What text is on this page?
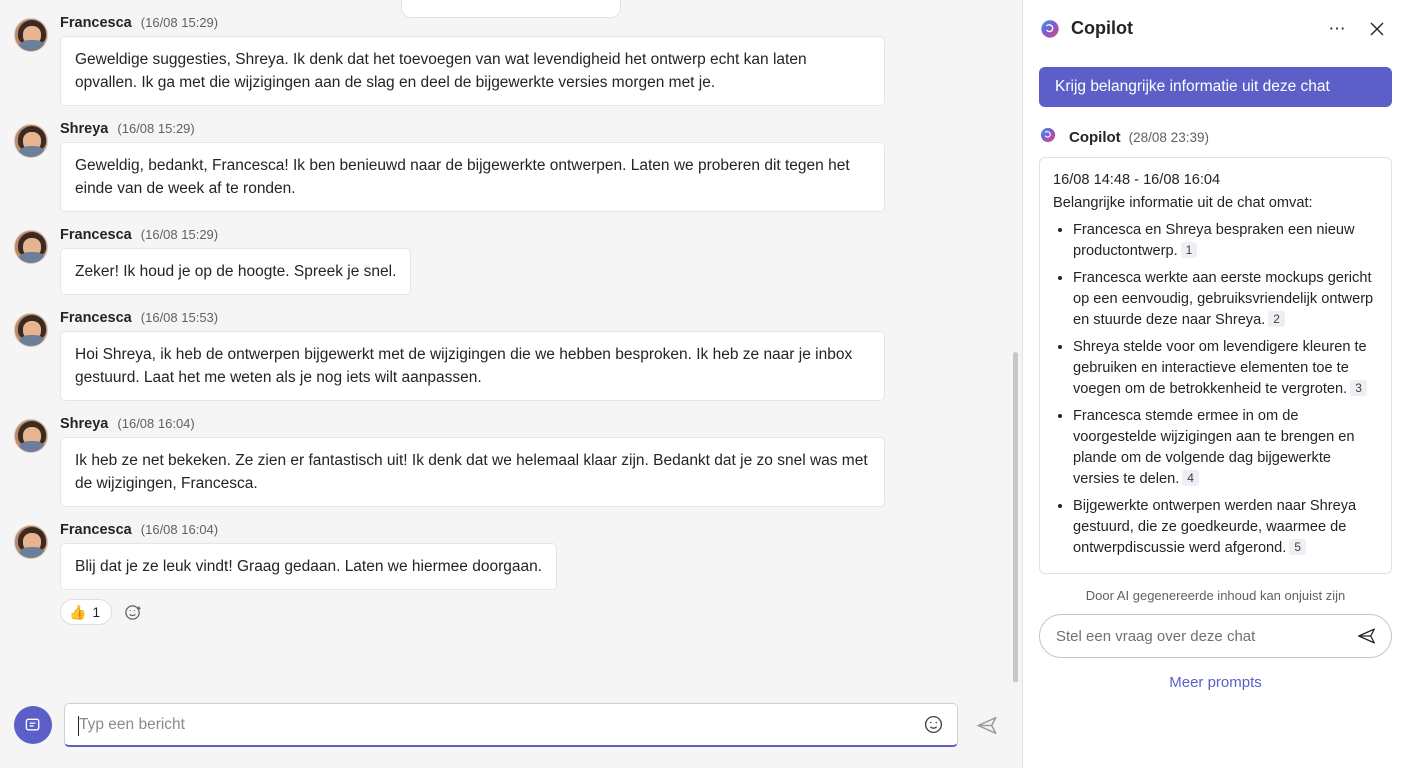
Francesca (16/08 15:29)
Geweldige suggesties, Shreya. Ik denk dat het toevoegen van wat levendigheid het ontwerp echt kan laten opvallen. Ik ga met die wijzigingen aan de slag en deel de bijgewerkte versies morgen met je.
Shreya (16/08 15:29)
Geweldig, bedankt, Francesca! Ik ben benieuwd naar de bijgewerkte ontwerpen. Laten we proberen dit tegen het einde van de week af te ronden.
Francesca (16/08 15:29)
Zeker! Ik houd je op de hoogte. Spreek je snel.
Francesca (16/08 15:53)
Hoi Shreya, ik heb de ontwerpen bijgewerkt met de wijzigingen die we hebben besproken. Ik heb ze naar je inbox gestuurd. Laat het me weten als je nog iets wilt aanpassen.
Shreya (16/08 16:04)
Ik heb ze net bekeken. Ze zien er fantastisch uit! Ik denk dat we helemaal klaar zijn. Bedankt dat je zo snel was met de wijzigingen, Francesca.
Francesca (16/08 16:04)
Blij dat je ze leuk vindt! Graag gedaan. Laten we hiermee doorgaan.
👍 1
Typ een bericht
Copilot	⋯
Krijg belangrijke informatie uit deze chat
Copilot (28/08 23:39)
16/08 14:48 - 16/08 16:04
Belangrijke informatie uit de chat omvat:
• Francesca en Shreya bespraken een nieuw productontwerp. 1
• Francesca werkte aan eerste mockups gericht op een eenvoudig, gebruiksvriendelijk ontwerp en stuurde deze naar Shreya. 2
• Shreya stelde voor om levendigere kleuren te gebruiken en interactieve elementen toe te voegen om de betrokkenheid te vergroten. 3
• Francesca stemde ermee in om de voorgestelde wijzigingen aan te brengen en plande om de volgende dag bijgewerkte versies te delen. 4
• Bijgewerkte ontwerpen werden naar Shreya gestuurd, die ze goedkeurde, waarmee de ontwerpdiscussie werd afgerond. 5
Door AI gegenereerde inhoud kan onjuist zijn
Stel een vraag over deze chat
Meer prompts
